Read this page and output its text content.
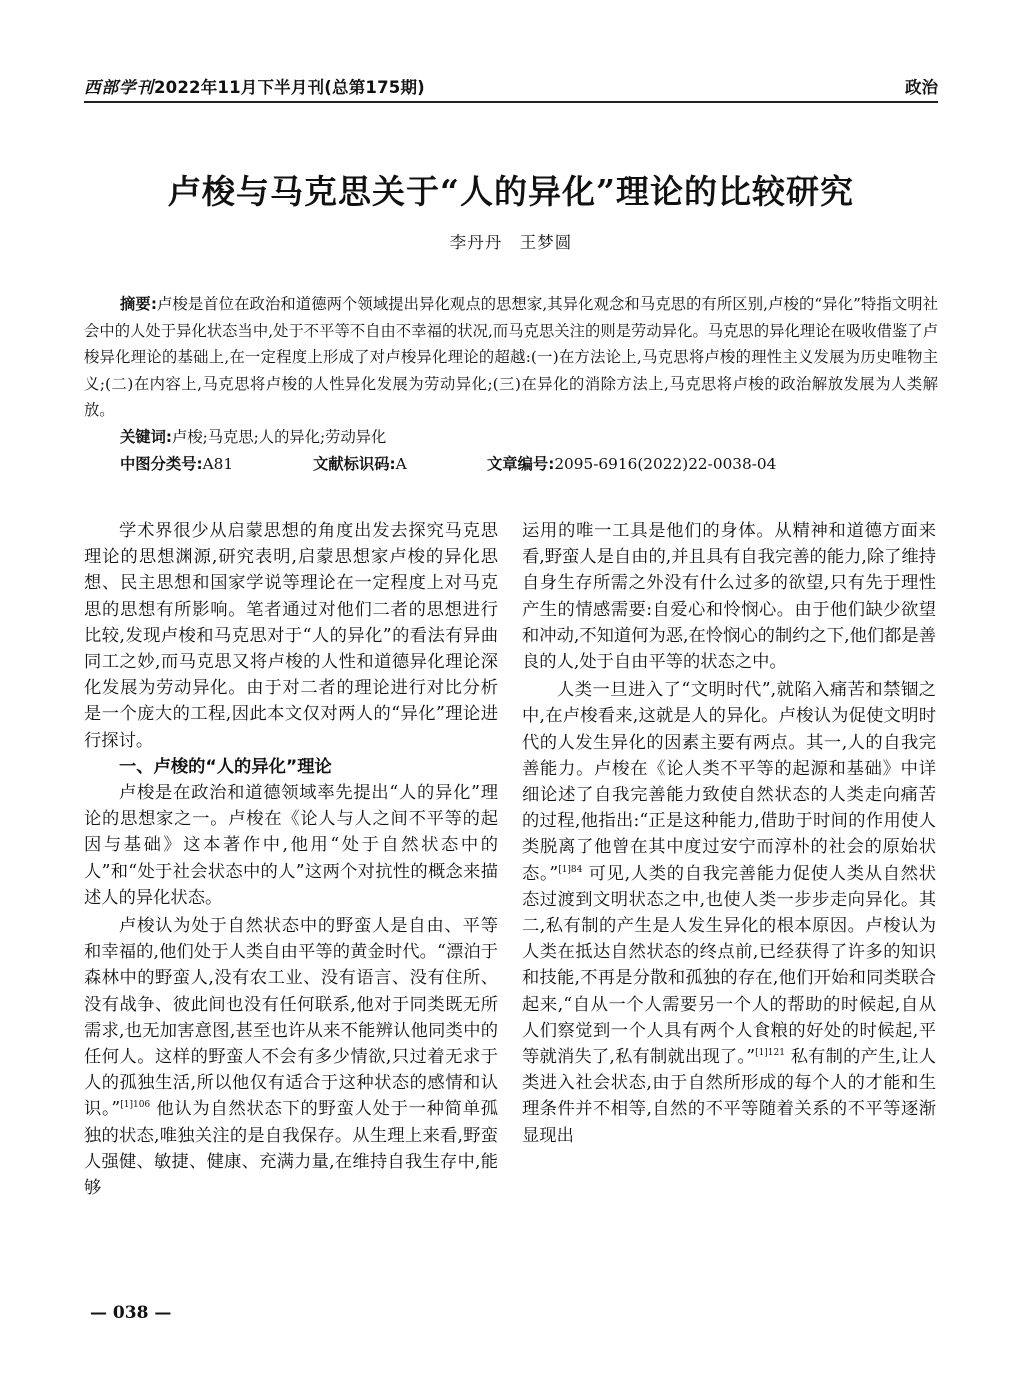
西部学刊2022年11月下半月刊(总第175期)	政治
卢梭与马克思关于“人的异化”理论的比较研究
李丹丹　王梦圆

摘要:卢梭是首位在政治和道德两个领域提出异化观点的思想家,其异化观念和马克思的有所区别,卢梭的“异化”特指文明社会中的人处于异化状态当中,处于不平等不自由不幸福的状况,而马克思关注的则是劳动异化。马克思的异化理论在吸收借鉴了卢梭异化理论的基础上,在一定程度上形成了对卢梭异化理论的超越:(一)在方法论上,马克思将卢梭的理性主义发展为历史唯物主义;(二)在内容上,马克思将卢梭的人性异化发展为劳动异化;(三)在异化的消除方法上,马克思将卢梭的政治解放发展为人类解放。

关键词:卢梭;马克思;人的异化;劳动异化

中图分类号:A81	文献标识码:A	文章编号:2095-6916(2022)22-0038-04

学术界很少从启蒙思想的角度出发去探究马克思理论的思想渊源,研究表明,启蒙思想家卢梭的异化思想、民主思想和国家学说等理论在一定程度上对马克思的思想有所影响。笔者通过对他们二者的思想进行比较,发现卢梭和马克思对于“人的异化”的看法有异曲同工之妙,而马克思又将卢梭的人性和道德异化理论深化发展为劳动异化。由于对二者的理论进行对比分析是一个庞大的工程,因此本文仅对两人的“异化”理论进行探讨。

一、卢梭的“人的异化”理论

卢梭是在政治和道德领域率先提出“人的异化”理论的思想家之一。卢梭在《论人与人之间不平等的起因与基础》这本著作中,他用“处于自然状态中的人”和“处于社会状态中的人”这两个对抗性的概念来描述人的异化状态。

卢梭认为处于自然状态中的野蛮人是自由、平等和幸福的,他们处于人类自由平等的黄金时代。“漂泊于森林中的野蛮人,没有农工业、没有语言、没有住所、没有战争、彼此间也没有任何联系,他对于同类既无所需求,也无加害意图,甚至也许从来不能辨认他同类中的任何人。这样的野蛮人不会有多少情欲,只过着无求于人的孤独生活,所以他仅有适合于这种状态的感情和认识。”$^{[1]106}$ 他认为自然状态下的野蛮人处于一种简单孤独的状态,唯独关注的是自我保存。从生理上来看,野蛮人强健、敏捷、健康、充满力量,在维持自我生存中,能够

运用的唯一工具是他们的身体。从精神和道德方面来看,野蛮人是自由的,并且具有自我完善的能力,除了维持自身生存所需之外没有什么过多的欲望,只有先于理性产生的情感需要:自爱心和怜悯心。由于他们缺少欲望和冲动,不知道何为恶,在怜悯心的制约之下,他们都是善良的人,处于自由平等的状态之中。

人类一旦进入了“文明时代”,就陷入痛苦和禁锢之中,在卢梭看来,这就是人的异化。卢梭认为促使文明时代的人发生异化的因素主要有两点。其一,人的自我完善能力。卢梭在《论人类不平等的起源和基础》中详细论述了自我完善能力致使自然状态的人类走向痛苦的过程,他指出:“正是这种能力,借助于时间的作用使人类脱离了他曾在其中度过安宁而淳朴的社会的原始状态。”$^{[1]84}$ 可见,人类的自我完善能力促使人类从自然状态过渡到文明状态之中,也使人类一步步走向异化。其二,私有制的产生是人发生异化的根本原因。卢梭认为人类在抵达自然状态的终点前,已经获得了许多的知识和技能,不再是分散和孤独的存在,他们开始和同类联合起来,“自从一个人需要另一个人的帮助的时候起,自从人们察觉到一个人具有两个人食粮的好处的时候起,平等就消失了,私有制就出现了。”$^{[1]121}$ 私有制的产生,让人类进入社会状态,由于自然所形成的每个人的才能和生理条件并不相等,自然的不平等随着关系的不平等逐渐显现出

— 038 —
